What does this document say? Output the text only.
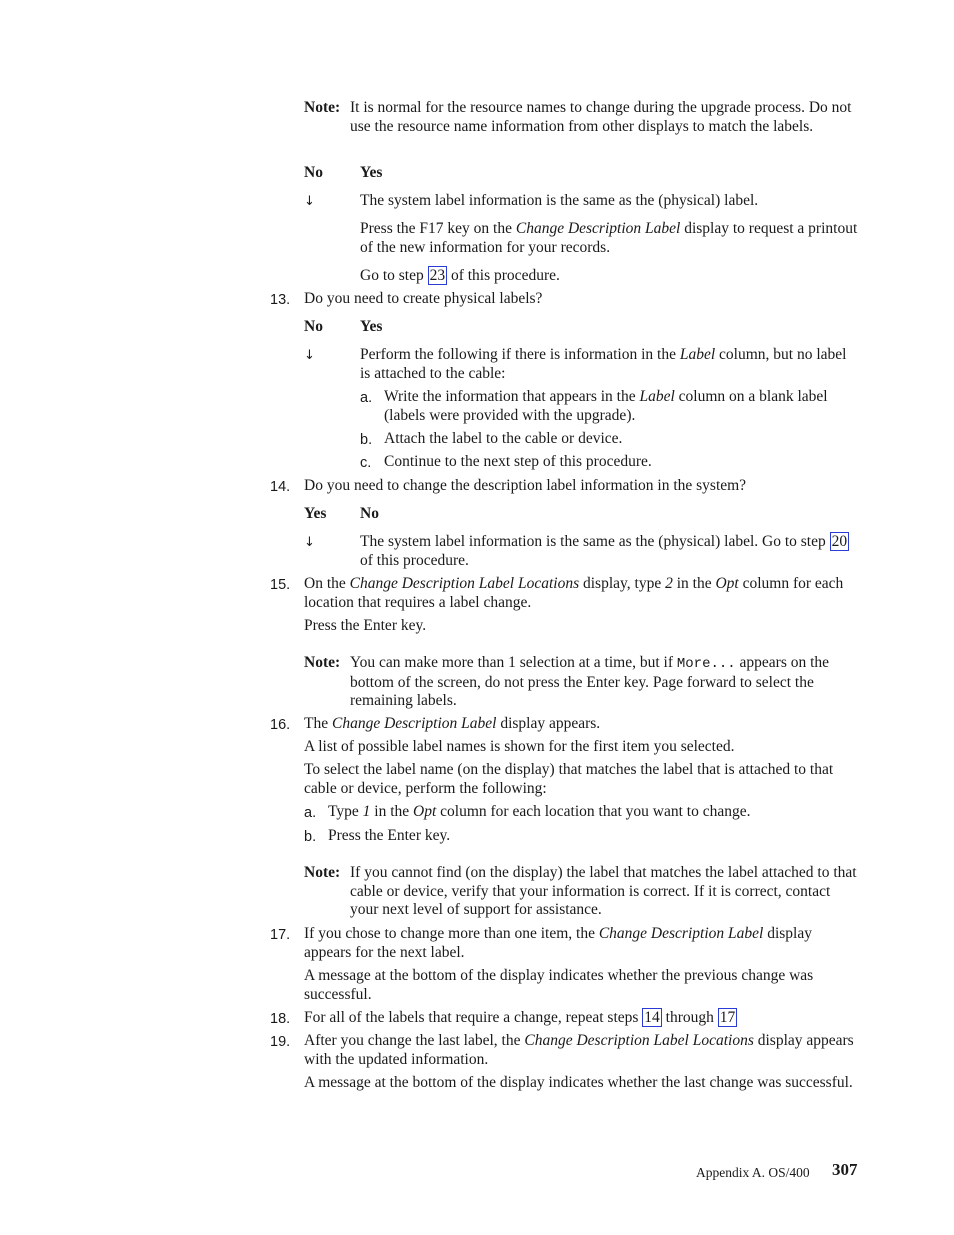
Note: It is normal for the resource names to change during the upgrade process. Do not use the resource name information from other displays to match the labels.
No Yes
↓	The system label information is the same as the (physical) label.
Press the F17 key on the Change Description Label display to request a printout of the new information for your records.
Go to step 23 of this procedure.
13. Do you need to create physical labels?
No Yes
↓	Perform the following if there is information in the Label column, but no label is attached to the cable:
a. Write the information that appears in the Label column on a blank label (labels were provided with the upgrade).
b. Attach the label to the cable or device.
c. Continue to the next step of this procedure.
14. Do you need to change the description label information in the system?
Yes No
↓	The system label information is the same as the (physical) label. Go to step 20 of this procedure.
15. On the Change Description Label Locations display, type 2 in the Opt column for each location that requires a label change.
Press the Enter key.
Note: You can make more than 1 selection at a time, but if More... appears on the bottom of the screen, do not press the Enter key. Page forward to select the remaining labels.
16. The Change Description Label display appears.
A list of possible label names is shown for the first item you selected.
To select the label name (on the display) that matches the label that is attached to that cable or device, perform the following:
a. Type 1 in the Opt column for each location that you want to change.
b. Press the Enter key.
Note: If you cannot find (on the display) the label that matches the label attached to that cable or device, verify that your information is correct. If it is correct, contact your next level of support for assistance.
17. If you chose to change more than one item, the Change Description Label display appears for the next label.
A message at the bottom of the display indicates whether the previous change was successful.
18. For all of the labels that require a change, repeat steps 14 through 17
19. After you change the last label, the Change Description Label Locations display appears with the updated information.
A message at the bottom of the display indicates whether the last change was successful.
Appendix A. OS/400 307
